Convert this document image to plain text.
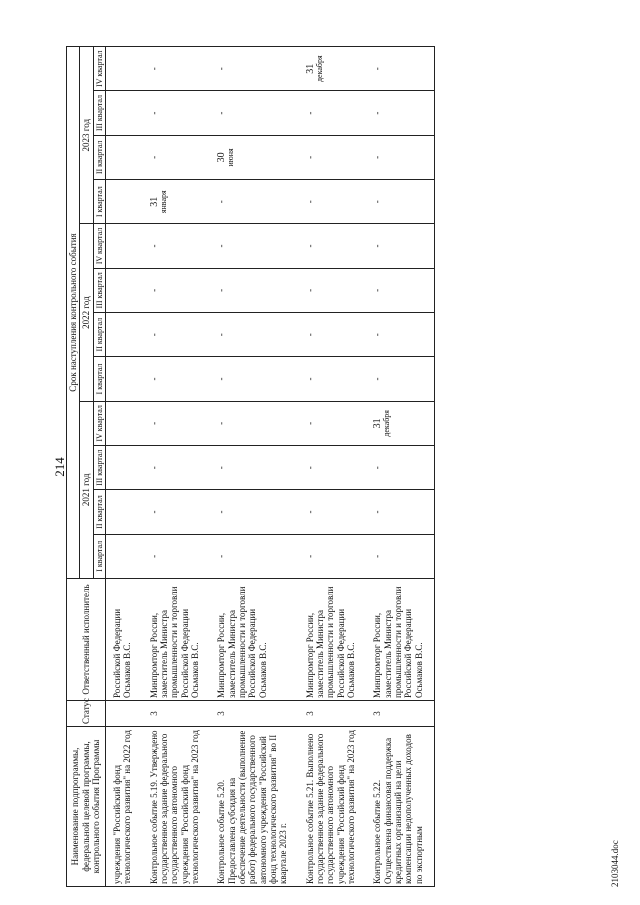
214
Наименование подпрограммы, федеральной целевой программы, контрольного события Программы	Статус	Ответственный исполнитель	Срок наступления контрольного события											
			2021 год				2022 год				2023 год			
			I квартал	II квартал	III квартал	IV квартал	I квартал	II квартал	III квартал	IV квартал	I квартал	II квартал	III квартал	IV квартал
учреждения "Российский фонд технологического развития" на 2022 год		Российской Федерации Осьмаков В.С.												
Контрольное событие 5.19. Утверждено государственное задание федерального государственного автономного учреждения "Российский фонд технологического развития" на 2023 год	3	Минпромторг России, заместитель Министра промышленности и торговли Российской Федерации Осьмаков В.С.	-	-	-	-	-	-	-	-	31 января	-	-	-
Контрольное событие 5.20. Предоставлена субсидия на обеспечение деятельности (выполнение работ) федерального государственного автономного учреждения "Российский фонд технологического развития" во II квартале 2023 г.	3	Минпромторг России, заместитель Министра промышленности и торговли Российской Федерации Осьмаков В.С.	-	-	-	-	-	-	-	-	-	30 июня	-	-
Контрольное событие 5.21. Выполнено государственное задание федерального государственного автономного учреждения "Российский фонд технологического развития" на 2023 год	3	Минпромторг России, заместитель Министра промышленности и торговли Российской Федерации Осьмаков В.С.	-	-	-	-	-	-	-	-	-	-	-	31 декабря

Контрольное событие 5.22. Осуществлена финансовая поддержка кредитных организаций на цели компенсации недополученных доходов по экспортным	3	Минпромторг России, заместитель Министра промышленности и торговли Российской Федерации Осьмаков В.С.	-	-	-	31 декабря	-	-	-	-	-	-	-	-
2103044.doc
